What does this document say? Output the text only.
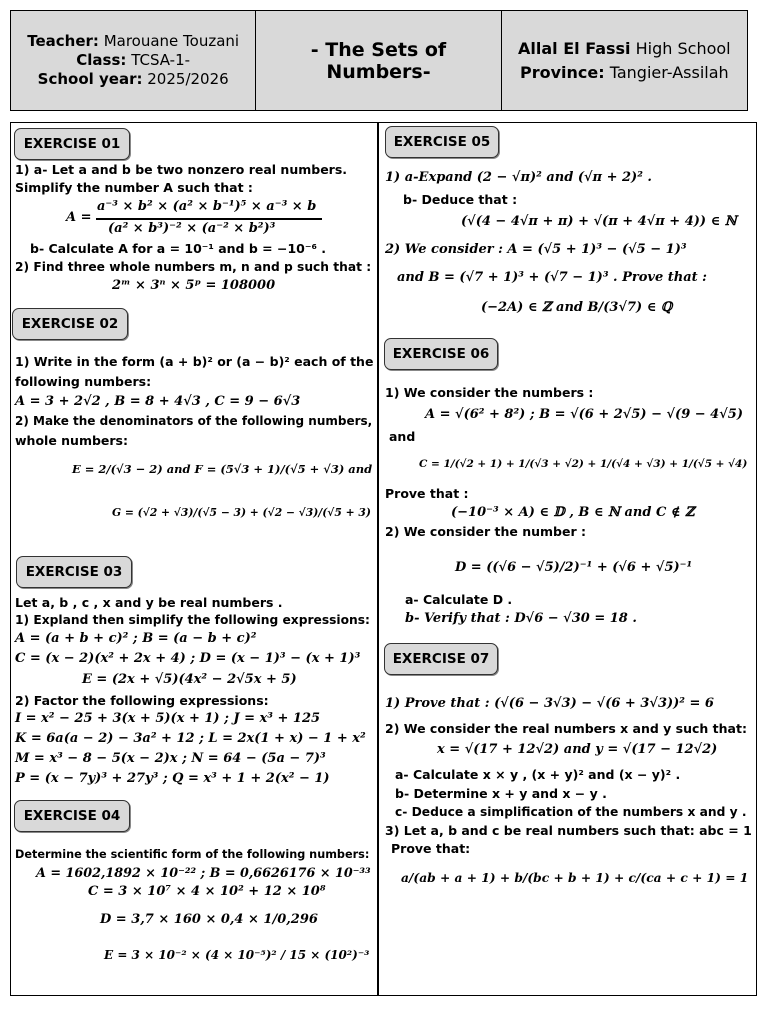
Teacher: Marouane Touzani
Class: TCSA-1-
School year: 2025/2026
- The Sets of Numbers-
Allal El Fassi High School
Province: Tangier-Assilah
EXERCISE 01
1) a- Let a and b be two nonzero real numbers.
Simplify the number A such that :
A =
a⁻³ × b² × (a² × b⁻¹)⁵ × a⁻³ × b
(a² × b³)⁻² × (a⁻² × b²)³
b- Calculate A for a = 10⁻¹ and b = −10⁻⁶ .
2) Find three whole numbers m, n and p such that :
2ᵐ × 3ⁿ × 5ᵖ = 108000
EXERCISE 02
1) Write in the form (a + b)² or (a − b)² each of the
following numbers:
A = 3 + 2√2 , B = 8 + 4√3 , C = 9 − 6√3
2) Make the denominators of the following numbers,
whole numbers:
E = 2/(√3 − 2) and F = (5√3 + 1)/(√5 + √3) and
G = (√2 + √3)/(√5 − 3) + (√2 − √3)/(√5 + 3)
EXERCISE 03
Let a, b , c , x and y be real numbers .
1) Expland then simplify the following expressions:
A = (a + b + c)² ; B = (a − b + c)²
C = (x − 2)(x² + 2x + 4) ; D = (x − 1)³ − (x + 1)³
E = (2x + √5)(4x² − 2√5x + 5)
2) Factor the following expressions:
I = x² − 25 + 3(x + 5)(x + 1) ; J = x³ + 125
K = 6a(a − 2) − 3a² + 12 ; L = 2x(1 + x) − 1 + x²
M = x³ − 8 − 5(x − 2)x ; N = 64 − (5a − 7)³
P = (x − 7y)³ + 27y³ ; Q = x³ + 1 + 2(x² − 1)
EXERCISE 04
Determine the scientific form of the following numbers:
A = 1602,1892 × 10⁻²² ; B = 0,6626176 × 10⁻³³
C = 3 × 10⁷ × 4 × 10² + 12 × 10⁸
D = 3,7 × 160 × 0,4 × 1/0,296
E = 3 × 10⁻² × (4 × 10⁻⁵)² / 15 × (10²)⁻³
EXERCISE 05
1) a-Expand (2 − √π)² and (√π + 2)² .
b- Deduce that :
(√(4 − 4√π + π) + √(π + 4√π + 4)) ∈ ℕ
2) We consider : A = (√5 + 1)³ − (√5 − 1)³
and B = (√7 + 1)³ + (√7 − 1)³ . Prove that :
(−2A) ∈ ℤ and B/(3√7) ∈ ℚ
EXERCISE 06
1) We consider the numbers :
A = √(6² + 8²) ; B = √(6 + 2√5) − √(9 − 4√5)
and
C = 1/(√2 + 1) + 1/(√3 + √2) + 1/(√4 + √3) + 1/(√5 + √4)
Prove that :
(−10⁻³ × A) ∈ 𝔻 , B ∈ ℕ and C ∉ ℤ
2) We consider the number :
D = ((√6 − √5)/2)⁻¹ + (√6 + √5)⁻¹
a- Calculate D .
b- Verify that : D√6 − √30 = 18 .
EXERCISE 07
1) Prove that : (√(6 − 3√3) − √(6 + 3√3))² = 6
2) We consider the real numbers x and y such that:
x = √(17 + 12√2) and y = √(17 − 12√2)
a- Calculate x × y , (x + y)² and (x − y)² .
b- Determine x + y and x − y .
c- Deduce a simplification of the numbers x and y .
3) Let a, b and c be real numbers such that: abc = 1
Prove that:
a/(ab + a + 1) + b/(bc + b + 1) + c/(ca + c + 1) = 1
